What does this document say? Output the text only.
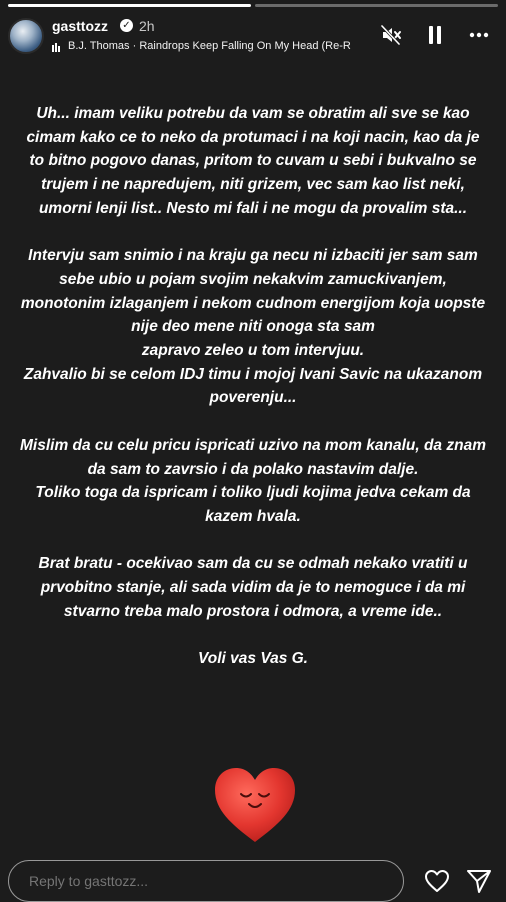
gasttozz ✓ 2h
B.J. Thomas · Raindrops Keep Falling On My Head (Re-R

Uh... imam veliku potrebu da vam se obratim ali sve se kao cimam kako ce to neko da protumaci i na koji nacin, kao da je to bitno pogovo danas, pritom to cuvam u sebi i bukvalno se trujem i ne napredujem, niti grizem, vec sam kao list neki, umorni lenji list.. Nesto mi fali i ne mogu da provalim sta...

Intervju sam snimio i na kraju ga necu ni izbaciti jer sam sam sebe ubio u pojam svojim nekakvim zamuckivanjem, monotonim izlaganjem i nekom cudnom energijom koja uopste nije deo mene niti onoga sta sam

zapravo zeleo u tom intervjuu.

Zahvalio bi se celom IDJ timu i mojoj Ivani Savic na ukazanom poverenju...

Mislim da cu celu pricu ispricati uzivo na mom kanalu, da znam da sam to zavrsio i da polako nastavim dalje.

Toliko toga da ispricam i toliko ljudi kojima jedva cekam da kazem hvala.

Brat bratu - ocekivao sam da cu se odmah nekako vratiti u prvobitno stanje, ali sada vidim da je to nemoguce i da mi stvarno treba malo prostora i odmora, a vreme ide..

Voli vas Vas G.

Reply to gasttozz...
